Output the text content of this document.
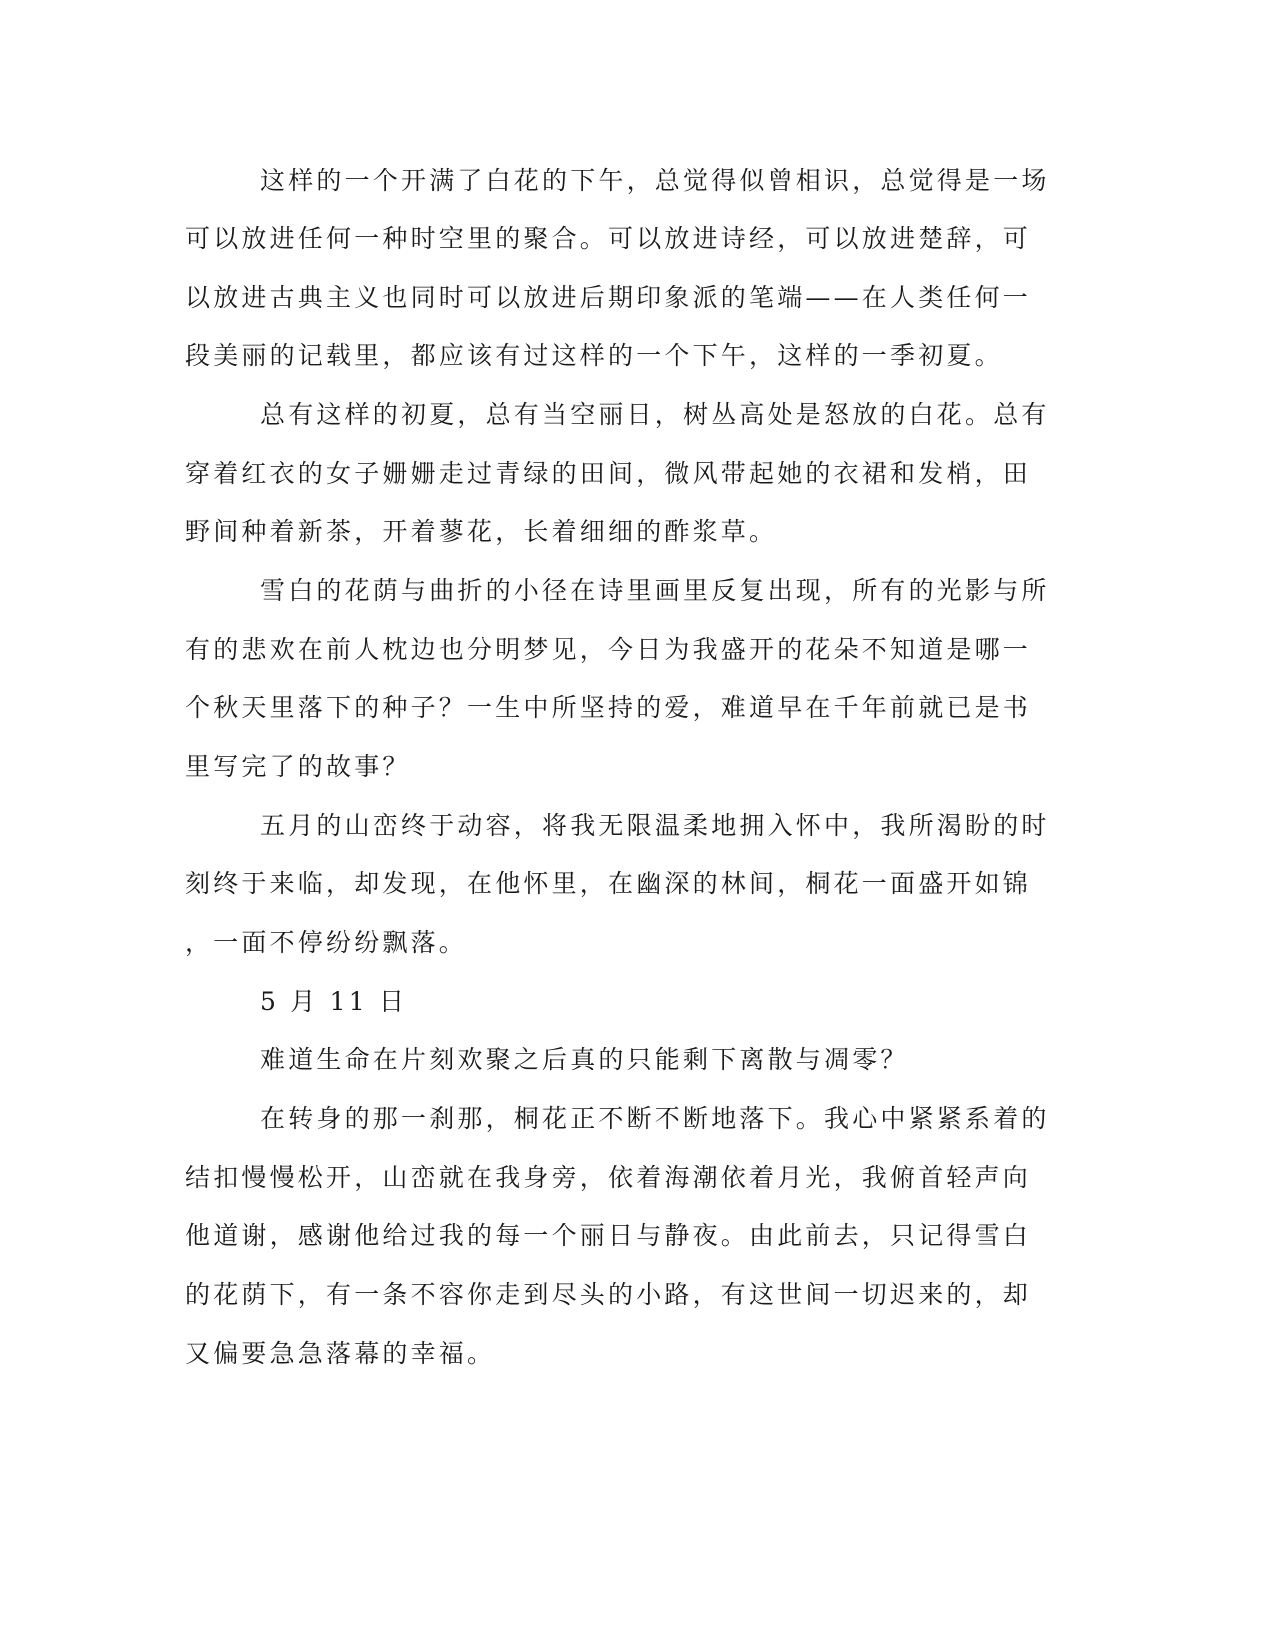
这样的一个开满了白花的下午，总觉得似曾相识，总觉得是一场
可以放进任何一种时空里的聚合。可以放进诗经，可以放进楚辞，可
以放进古典主义也同时可以放进后期印象派的笔端——在人类任何一
段美丽的记载里，都应该有过这样的一个下午，这样的一季初夏。
总有这样的初夏，总有当空丽日，树丛高处是怒放的白花。总有
穿着红衣的女子姗姗走过青绿的田间，微风带起她的衣裙和发梢，田
野间种着新茶，开着蓼花，长着细细的酢浆草。
雪白的花荫与曲折的小径在诗里画里反复出现，所有的光影与所
有的悲欢在前人枕边也分明梦见，今日为我盛开的花朵不知道是哪一
个秋天里落下的种子？一生中所坚持的爱，难道早在千年前就已是书
里写完了的故事？
五月的山峦终于动容，将我无限温柔地拥入怀中，我所渴盼的时
刻终于来临，却发现，在他怀里，在幽深的林间，桐花一面盛开如锦
，一面不停纷纷飘落。
5 月 11 日
难道生命在片刻欢聚之后真的只能剩下离散与凋零？
在转身的那一刹那，桐花正不断不断地落下。我心中紧紧系着的
结扣慢慢松开，山峦就在我身旁，依着海潮依着月光，我俯首轻声向
他道谢，感谢他给过我的每一个丽日与静夜。由此前去，只记得雪白
的花荫下，有一条不容你走到尽头的小路，有这世间一切迟来的，却
又偏要急急落幕的幸福。
